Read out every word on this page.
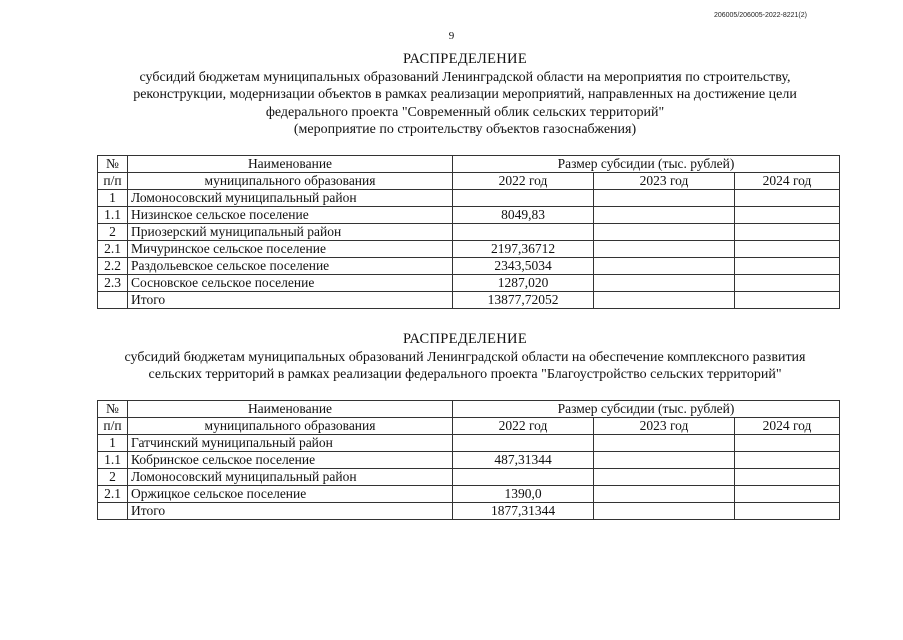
206005/206005-2022-8221(2)
9
РАСПРЕДЕЛЕНИЕ
субсидий бюджетам муниципальных образований Ленинградской области на мероприятия по строительству,
реконструкции, модернизации объектов в рамках реализации мероприятий, направленных на достижение цели
федерального проекта "Современный облик сельских территорий"
(мероприятие по строительству объектов газоснабжения)
№	Наименование	Размер субсидии (тыс. рублей)		
п/п	муниципального образования	2022 год	2023 год	2024 год
1	Ломоносовский муниципальный район			
1.1	Низинское сельское поселение	8049,83		
2	Приозерский муниципальный район			
2.1	Мичуринское сельское поселение	2197,36712		
2.2	Раздольевское сельское поселение	2343,5034		
2.3	Сосновское сельское поселение	1287,020		
	Итого	13877,72052		
РАСПРЕДЕЛЕНИЕ
субсидий бюджетам муниципальных образований Ленинградской области на обеспечение комплексного развития
сельских территорий в рамках реализации федерального проекта "Благоустройство сельских территорий"
№	Наименование	Размер субсидии (тыс. рублей)		
п/п	муниципального образования	2022 год	2023 год	2024 год
1	Гатчинский муниципальный район			
1.1	Кобринское сельское поселение	487,31344		
2	Ломоносовский муниципальный район			
2.1	Оржицкое сельское поселение	1390,0		
	Итого	1877,31344		
